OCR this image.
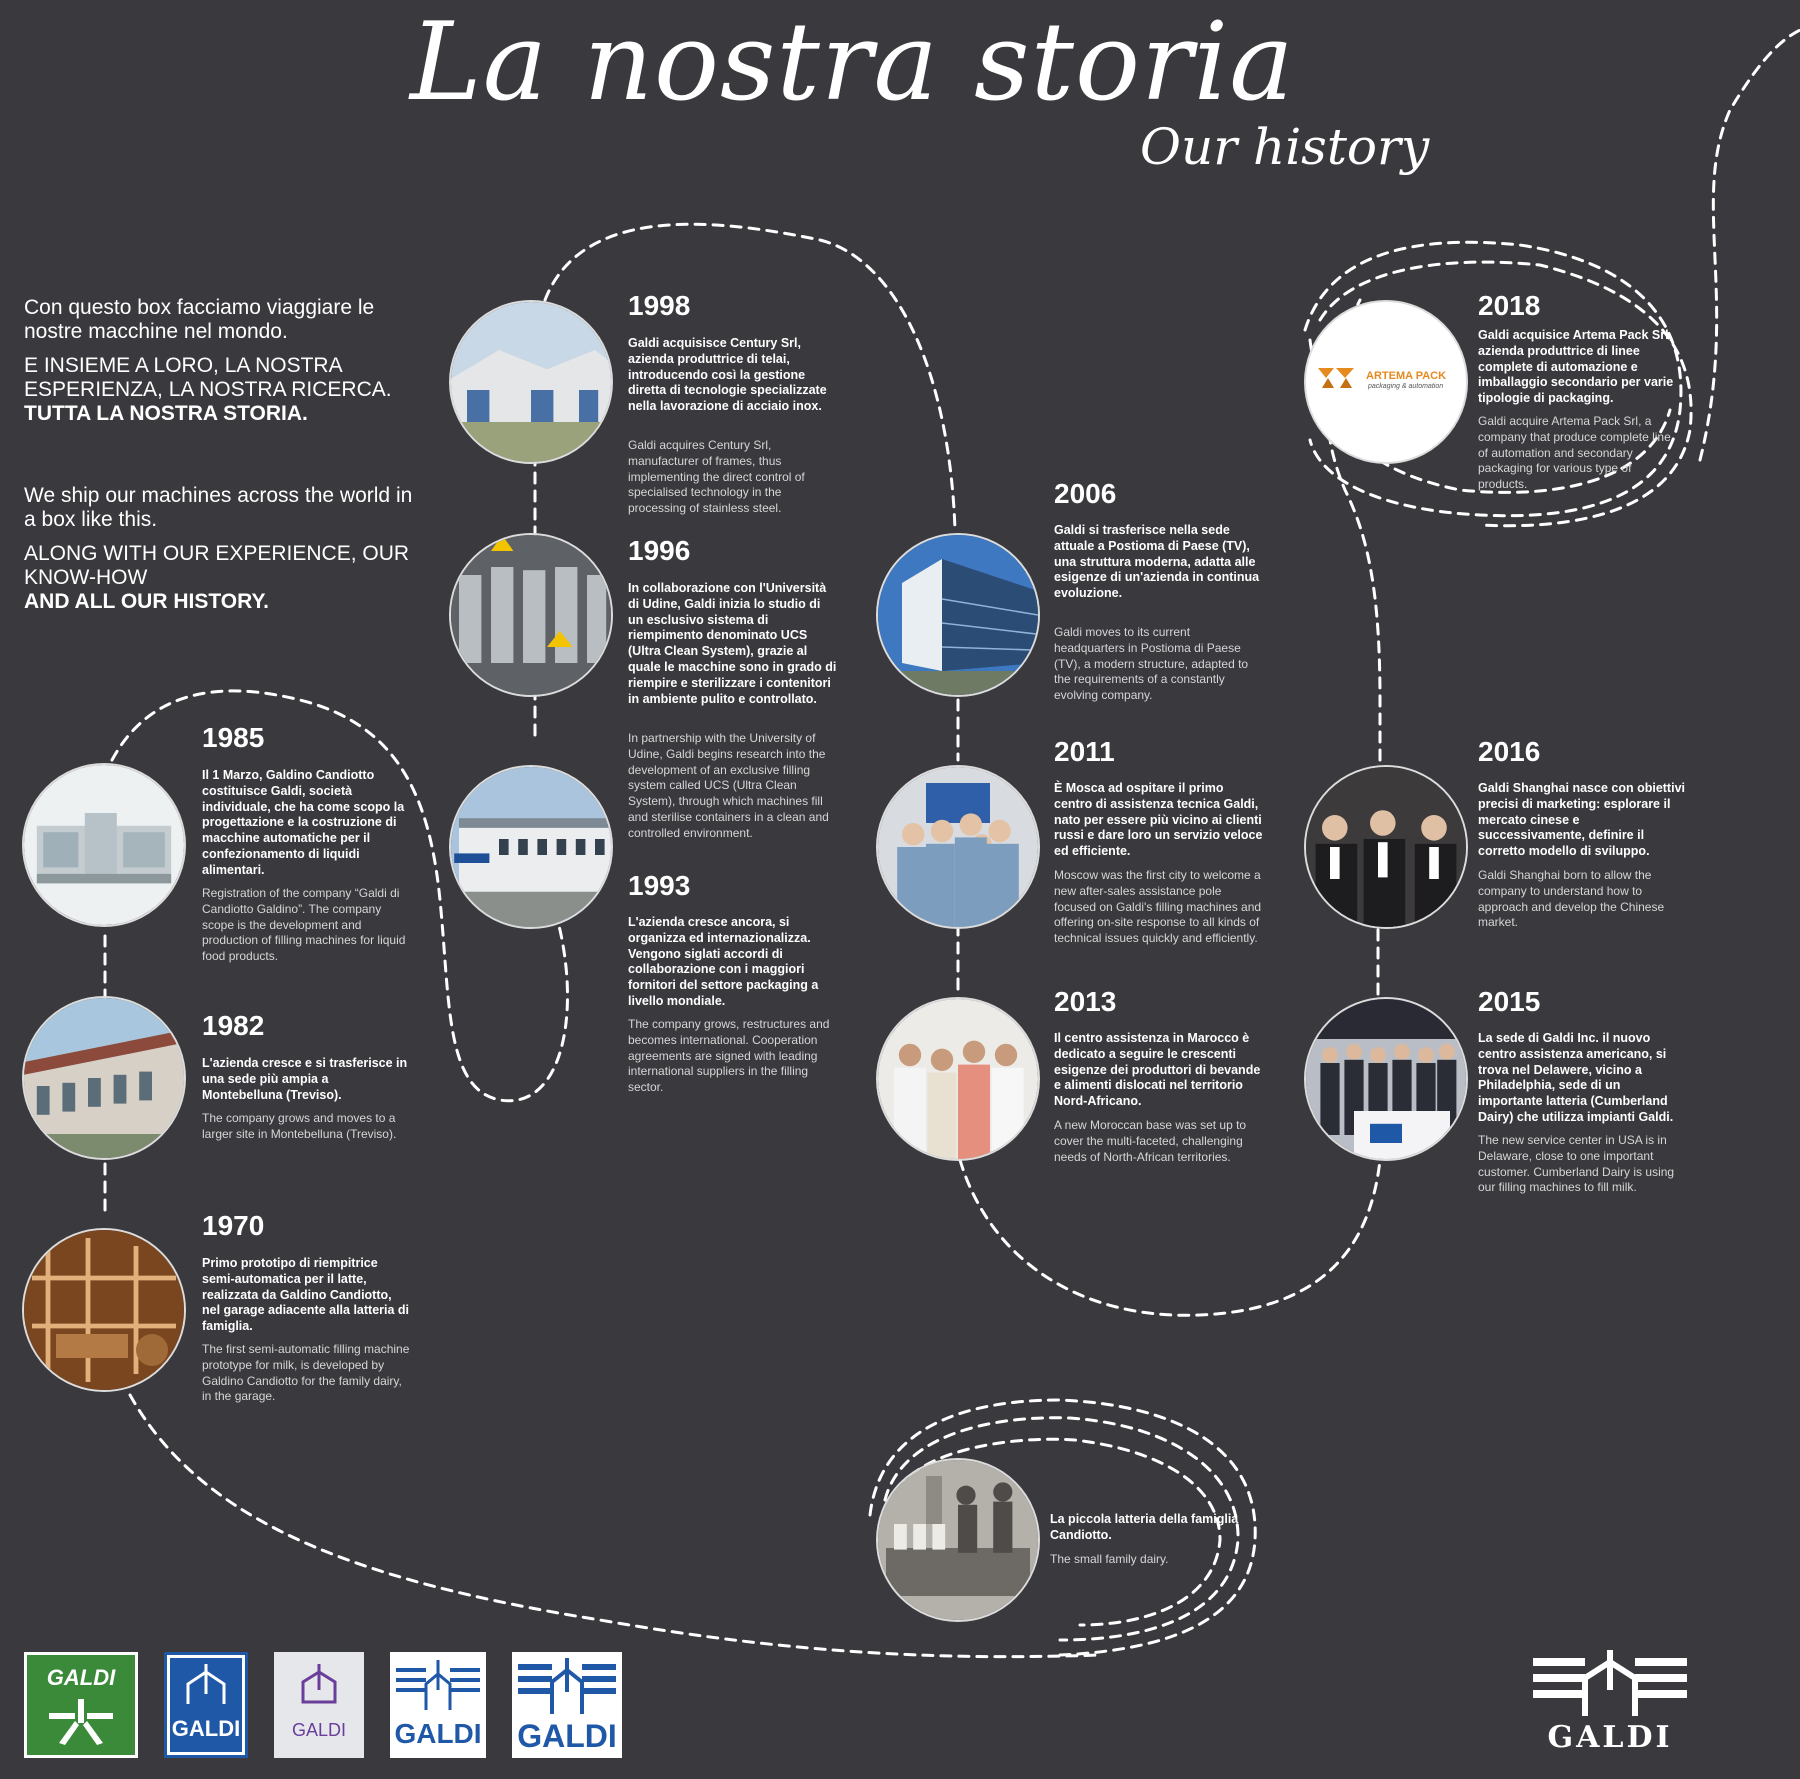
La nostra storia
Our history

Con questo box facciamo viaggiare le nostre macchine nel mondo.

E INSIEME A LORO, LA NOSTRA ESPERIENZA, LA NOSTRA RICERCA.

TUTTA LA NOSTRA STORIA.

We ship our machines across the world in a box like this.

ALONG WITH OUR EXPERIENCE, OUR KNOW-HOW

AND ALL OUR HISTORY.

1985
Il 1 Marzo, Galdino Candiotto costituisce Galdi, società individuale, che ha come scopo la progettazione e la costruzione di macchine automatiche per il confezionamento di liquidi alimentari.
Registration of the company “Galdi di Candiotto Galdino”. The company scope is the development and production of filling machines for liquid food products.
1982
L'azienda cresce e si trasferisce in una sede più ampia a Montebelluna (Treviso).
The company grows and moves to a larger site in Montebelluna (Treviso).
1970
Primo prototipo di riempitrice semi-automatica per il latte, realizzata da Galdino Candiotto, nel garage adiacente alla latteria di famiglia.
The first semi-automatic filling machine prototype for milk, is developed by Galdino Candiotto for the family dairy, in the garage.
1998
Galdi acquisisce Century Srl, azienda produttrice di telai, introducendo così la gestione diretta di tecnologie specializzate nella lavorazione di acciaio inox.
Galdi acquires Century Srl, manufacturer of frames, thus implementing the direct control of specialised technology in the processing of stainless steel.
1996
In collaborazione con l'Università di Udine, Galdi inizia lo studio di un esclusivo sistema di riempimento denominato UCS (Ultra Clean System), grazie al quale le macchine sono in grado di riempire e sterilizzare i contenitori in ambiente pulito e controllato.
In partnership with the University of Udine, Galdi begins research into the development of an exclusive filling system called UCS (Ultra Clean System), through which machines fill and sterilise containers in a clean and controlled environment.
1993
L'azienda cresce ancora, si organizza ed internazionalizza. Vengono siglati accordi di collaborazione con i maggiori fornitori del settore packaging a livello mondiale.
The company grows, restructures and becomes international. Cooperation agreements are signed with leading international suppliers in the filling sector.
2006
Galdi si trasferisce nella sede attuale a Postioma di Paese (TV), una struttura moderna, adatta alle esigenze di un'azienda in continua evoluzione.
Galdi moves to its current headquarters in Postioma di Paese (TV), a modern structure, adapted to the requirements of a constantly evolving company.
2011
È Mosca ad ospitare il primo centro di assistenza tecnica Galdi, nato per essere più vicino ai clienti russi e dare loro un servizio veloce ed efficiente.
Moscow was the first city to welcome a new after-sales assistance pole focused on Galdi's filling machines and offering on-site response to all kinds of technical issues quickly and efficiently.
2013
Il centro assistenza in Marocco è dedicato a seguire le crescenti esigenze dei produttori di bevande e alimenti dislocati nel territorio Nord-Africano.
A new Moroccan base was set up to cover the multi-faceted, challenging needs of North-African territories.
La piccola latteria della famiglia Candiotto.
The small family dairy.
ARTEMA PACK
packaging & automation
2018
Galdi acquisice Artema Pack Srl, azienda produttrice di linee complete di automazione e imballaggio secondario per varie tipologie di packaging.
Galdi acquire Artema Pack Srl, a company that produce complete line of automation and secondary packaging for various type of products.
2016
Galdi Shanghai nasce con obiettivi precisi di marketing: esplorare il mercato cinese e successivamente, definire il corretto modello di sviluppo.
Galdi Shanghai born to allow the company to understand how to approach and develop the Chinese market.
2015
La sede di Galdi Inc. il nuovo centro assistenza americano, si trova nel Delawere, vicino a Philadelphia, sede di un importante latteria (Cumberland Dairy) che utilizza impianti Galdi.
The new service center in USA is in Delaware, close to one important customer. Cumberland Dairy is using our filling machines to fill milk.
GALDI
GALDI	GALDI	GALDI GALDI	GALDI
